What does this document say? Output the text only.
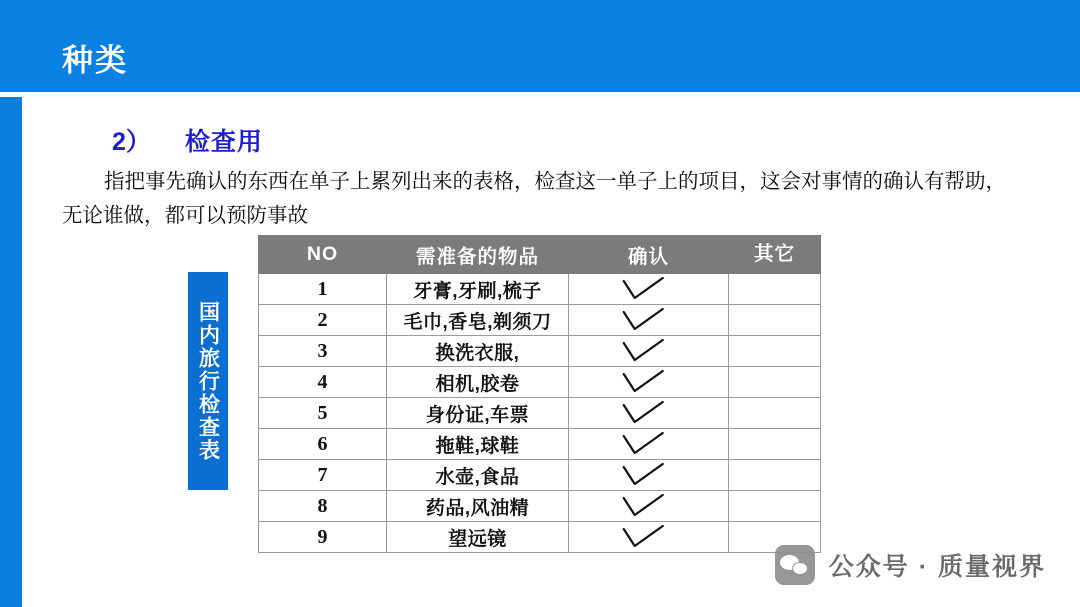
种类
2） 检查用
指把事先确认的东西在单子上累列出来的表格，检查这一单子上的项目，这会对事情的确认有帮助，无论谁做，都可以预防事故
国内旅行检查表
NO	需准备的物品	确认	其它
1	牙膏,牙刷,梳子	

2	毛巾,香皂,剃须刀	

3	换洗衣服,	

4	相机,胶卷	

5	身份证,车票	

6	拖鞋,球鞋	

7	水壶,食品	

8	药品,风油精	

9	望远镜	

公众号 · 质量视界
